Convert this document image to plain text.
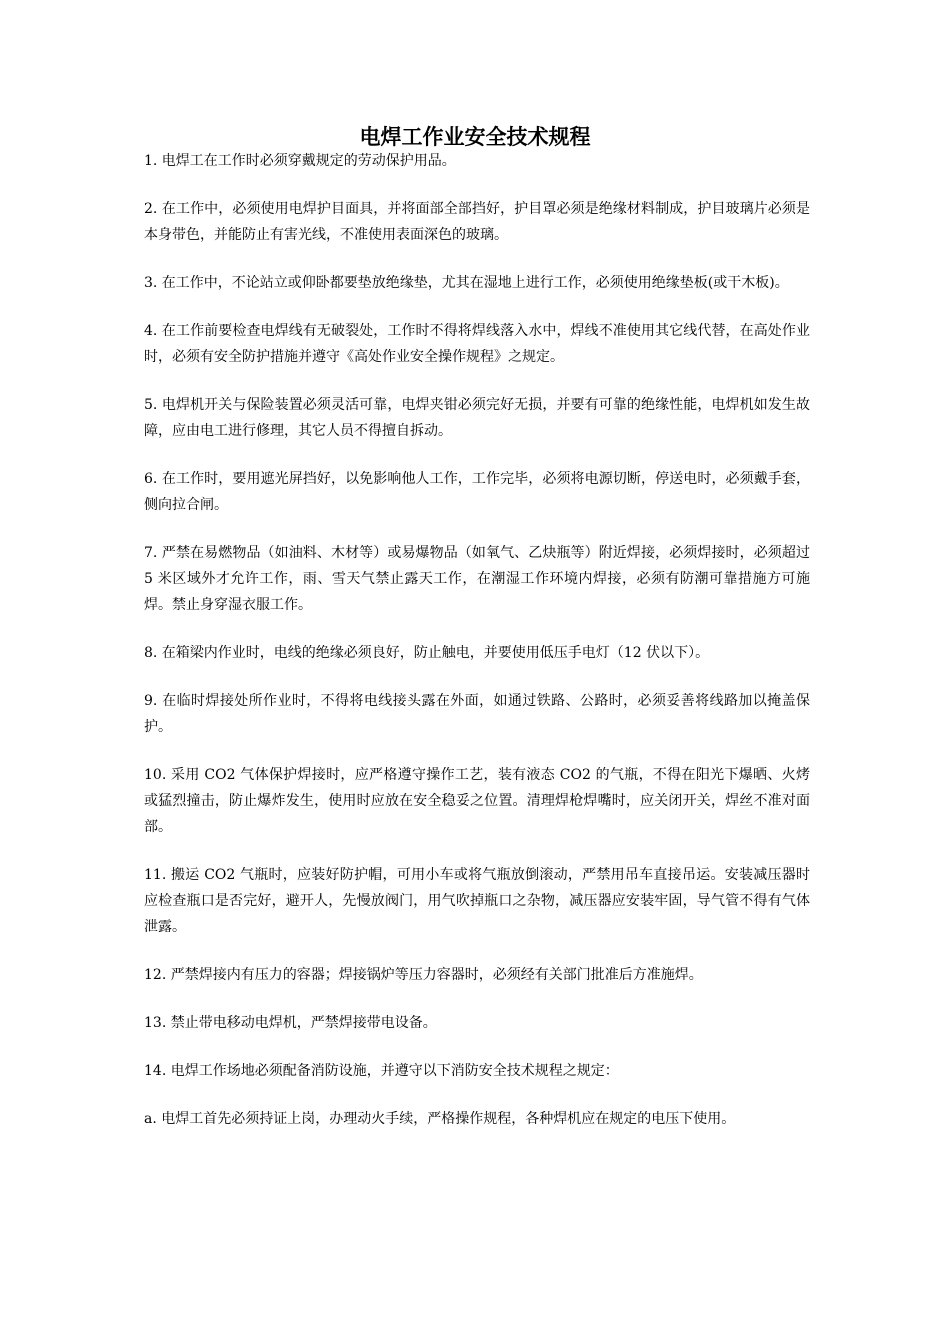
电焊工作业安全技术规程

1. 电焊工在工作时必须穿戴规定的劳动保护用品。

2. 在工作中，必须使用电焊护目面具，并将面部全部挡好，护目罩必须是绝缘材料制成，护目玻璃片必须是本身带色，并能防止有害光线，不准使用表面深色的玻璃。

3. 在工作中，不论站立或仰卧都要垫放绝缘垫，尤其在湿地上进行工作，必须使用绝缘垫板(或干木板)。

4. 在工作前要检查电焊线有无破裂处，工作时不得将焊线落入水中，焊线不准使用其它线代替，在高处作业时，必须有安全防护措施并遵守《高处作业安全操作规程》之规定。

5. 电焊机开关与保险装置必须灵活可靠，电焊夹钳必须完好无损，并要有可靠的绝缘性能，电焊机如发生故障，应由电工进行修理，其它人员不得擅自拆动。

6. 在工作时，要用遮光屏挡好，以免影响他人工作，工作完毕，必须将电源切断，停送电时，必须戴手套，侧向拉合闸。

7. 严禁在易燃物品（如油料、木材等）或易爆物品（如氧气、乙炔瓶等）附近焊接，必须焊接时，必须超过 5 米区域外才允许工作，雨、雪天气禁止露天工作，在潮湿工作环境内焊接，必须有防潮可靠措施方可施焊。禁止身穿湿衣服工作。

8. 在箱梁内作业时，电线的绝缘必须良好，防止触电，并要使用低压手电灯（12 伏以下）。

9. 在临时焊接处所作业时，不得将电线接头露在外面，如通过铁路、公路时，必须妥善将线路加以掩盖保护。

10. 采用 CO2 气体保护焊接时，应严格遵守操作工艺，装有液态 CO2 的气瓶，不得在阳光下爆晒、火烤或猛烈撞击，防止爆炸发生，使用时应放在安全稳妥之位置。清理焊枪焊嘴时，应关闭开关，焊丝不准对面部。

11. 搬运 CO2 气瓶时，应装好防护帽，可用小车或将气瓶放倒滚动，严禁用吊车直接吊运。安装减压器时应检查瓶口是否完好，避开人，先慢放阀门，用气吹掉瓶口之杂物，减压器应安装牢固，导气管不得有气体泄露。

12. 严禁焊接内有压力的容器；焊接锅炉等压力容器时，必须经有关部门批准后方准施焊。

13. 禁止带电移动电焊机，严禁焊接带电设备。

14. 电焊工作场地必须配备消防设施，并遵守以下消防安全技术规程之规定：

a. 电焊工首先必须持证上岗，办理动火手续，严格操作规程，各种焊机应在规定的电压下使用。
